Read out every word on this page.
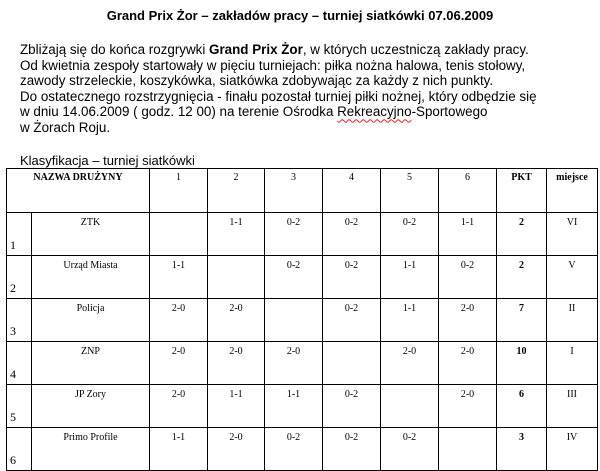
Grand Prix Żor – zakładów pracy – turniej siatkówki 07.06.2009

Zbliżają się do końca rozgrywki Grand Prix Żor, w których uczestniczą zakłady pracy.

Od kwietnia zespoły startowały w pięciu turniejach: piłka nożna halowa, tenis stołowy,

zawody strzeleckie, koszykówka, siatkówka zdobywając za każdy z nich punkty.

Do ostatecznego rozstrzygnięcia - finału pozostał turniej piłki nożnej, który odbędzie się

w dniu 14.06.2009 ( godz. 12 00) na terenie Ośrodka Rekreacyjno-Sportowego

w Żorach Roju.

Klasyfikacja – turniej siatkówki
NAZWA DRUŻYNY		1	2	3	4	5	6	PKT	miejsce
1	ZTK		1-1	0-2	0-2	0-2	1-1	2	VI
2	Urząd Miasta	1-1		0-2	0-2	1-1	0-2	2	V
3	Policja	2-0	2-0		0-2	1-1	2-0	7	II
4	ZNP	2-0	2-0	2-0		2-0	2-0	10	I
5	JP Zory	2-0	1-1	1-1	0-2		2-0	6	III
6	Primo Profile	1-1	2-0	0-2	0-2	0-2		3	IV
